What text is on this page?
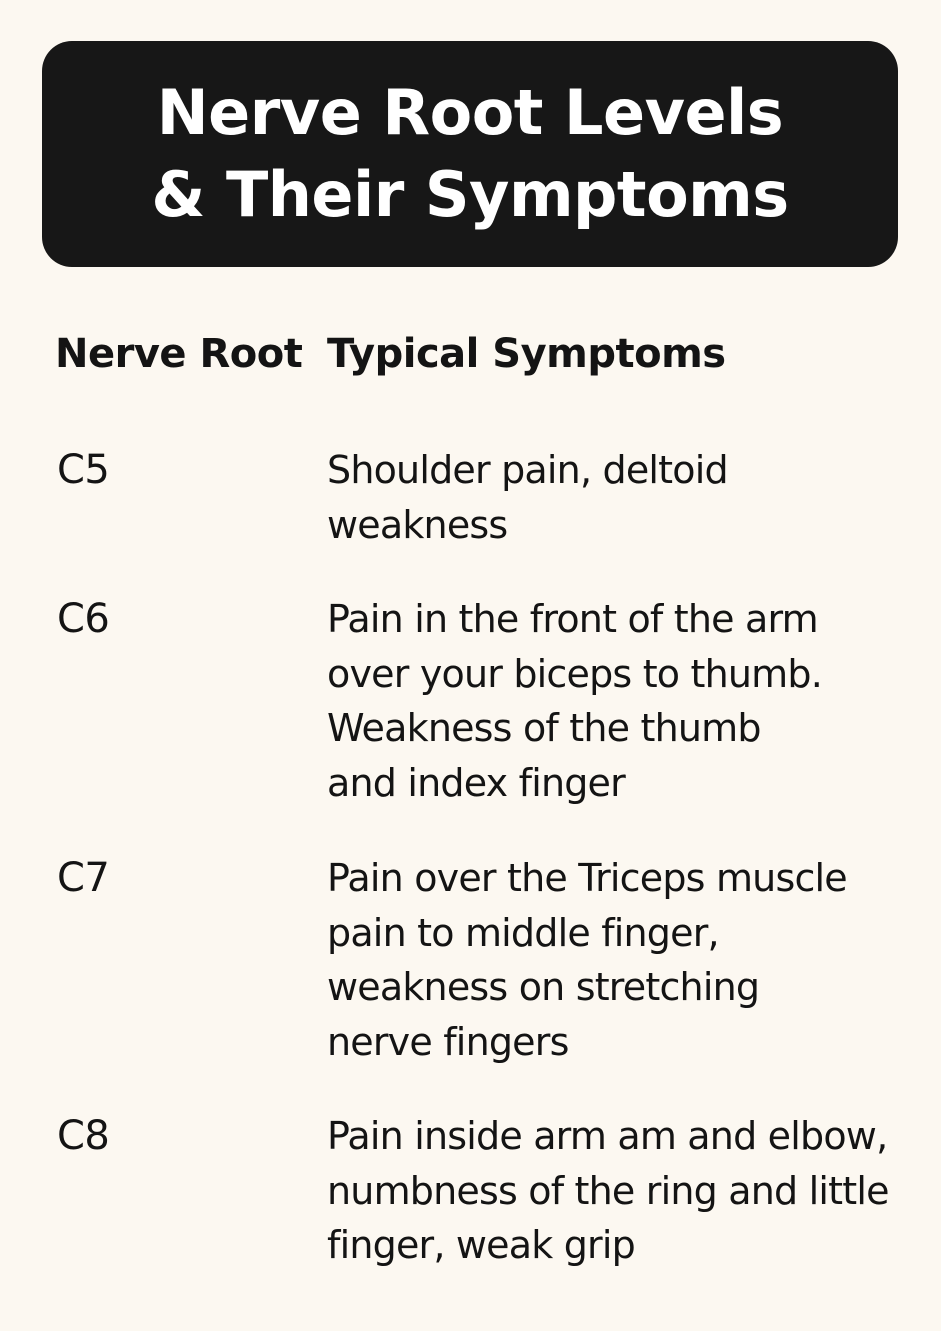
Nerve Root Levels
& Their Symptoms
Nerve Root Typical Symptoms
C5	Shoulder pain, deltoid
weakness
C6	Pain in the front of the arm
over your biceps to thumb.
Weakness of the thumb
and index finger
C7	Pain over the Triceps muscle
pain to middle finger,
weakness on stretching
nerve fingers
C8	Pain inside arm am and elbow,
numbness of the ring and little
finger, weak grip
